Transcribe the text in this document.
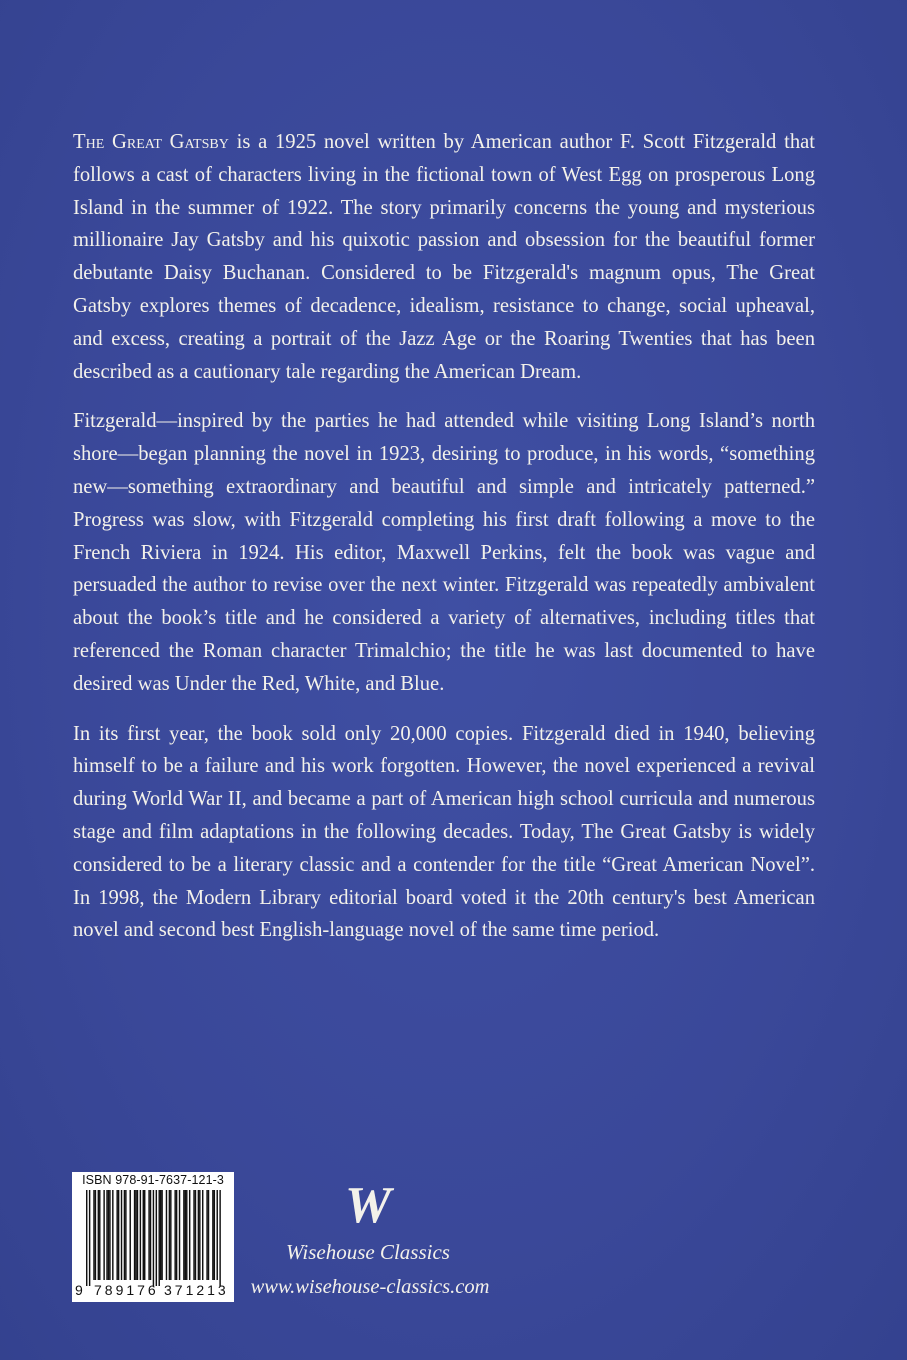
The Great Gatsby is a 1925 novel written by American author F. Scott Fitzgerald that follows a cast of characters living in the fictional town of West Egg on prosperous Long Island in the summer of 1922. The story primarily concerns the young and mysterious millionaire Jay Gatsby and his quixotic passion and obsession for the beautiful former debutante Daisy Buchanan. Considered to be Fitzgerald's magnum opus, The Great Gatsby explores themes of decadence, idealism, resistance to change, social upheaval, and excess, creating a portrait of the Jazz Age or the Roaring Twenties that has been described as a cautionary tale regarding the American Dream.

Fitzgerald—inspired by the parties he had attended while visiting Long Island’s north shore—began planning the novel in 1923, desiring to produce, in his words, “something new—something extraordinary and beautiful and simple and intricately patterned.” Progress was slow, with Fitzgerald completing his first draft following a move to the French Riviera in 1924. His editor, Maxwell Perkins, felt the book was vague and persuaded the author to revise over the next winter. Fitzgerald was repeatedly ambivalent about the book’s title and he considered a variety of alternatives, including titles that referenced the Roman character Trimalchio; the title he was last documented to have desired was Under the Red, White, and Blue.

In its first year, the book sold only 20,000 copies. Fitzgerald died in 1940, believing himself to be a failure and his work forgotten. However, the novel experienced a revival during World War II, and became a part of American high school curricula and numerous stage and film adaptations in the following decades. Today, The Great Gatsby is widely considered to be a literary classic and a contender for the title “Great American Novel”. In 1998, the Modern Library editorial board voted it the 20th century's best American novel and second best English-language novel of the same time period.

ISBN 978-91-7637-121-3
9 789176 371213
W
Wisehouse Classics
www.wisehouse-classics.com
